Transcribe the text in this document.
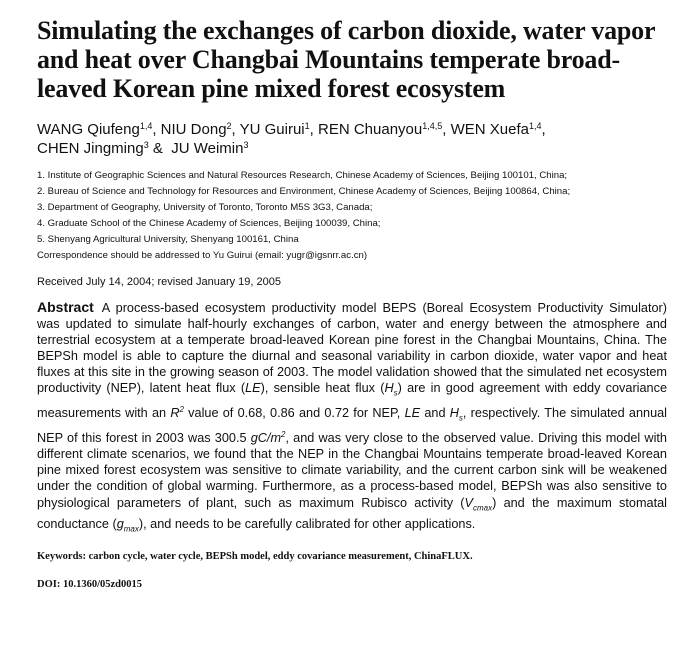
Simulating the exchanges of carbon dioxide, water vapor and heat over Changbai Mountains temperate broad-leaved Korean pine mixed forest ecosystem
WANG Qiufeng$^{1,4}$, NIU Dong$^2$, YU Guirui$^1$, REN Chuanyou$^{1,4,5}$, WEN Xuefa$^{1,4}$,
CHEN Jingming$^3$ &  JU Weimin$^3$
1. Institute of Geographic Sciences and Natural Resources Research, Chinese Academy of Sciences, Beijing 100101, China;
2. Bureau of Science and Technology for Resources and Environment, Chinese Academy of Sciences, Beijing 100864, China;
3. Department of Geography, University of Toronto, Toronto M5S 3G3, Canada;
4. Graduate School of the Chinese Academy of Sciences, Beijing 100039, China;
5. Shenyang Agricultural University, Shenyang 100161, China
Correspondence should be addressed to Yu Guirui (email: yugr@igsnrr.ac.cn)
Received July 14, 2004; revised January 19, 2005

Abstract A process-based ecosystem productivity model BEPS (Boreal Ecosystem Productivity Simulator) was updated to simulate half-hourly exchanges of carbon, water and energy between the atmosphere and terrestrial ecosystem at a temperate broad-leaved Korean pine forest in the Changbai Mountains, China. The BEPSh model is able to capture the diurnal and seasonal variability in carbon dioxide, water vapor and heat fluxes at this site in the growing season of 2003. The model validation showed that the simulated net ecosystem productivity (NEP), latent heat flux (LE), sensible heat flux $(H_s)$ are in good agreement with eddy covariance measurements with an $R^2$ value of 0.68, 0.86 and 0.72 for NEP, LE and $H_s$, respectively. The simulated annual NEP of this forest in 2003 was 300.5 $gC/m^2$, and was very close to the observed value. Driving this model with different climate scenarios, we found that the NEP in the Changbai Mountains temperate broad-leaved Korean pine mixed forest ecosystem was sensitive to climate variability, and the current carbon sink will be weakened under the condition of global warming. Furthermore, as a process-based model, BEPSh was also sensitive to physiological parameters of plant, such as maximum Rubisco activity $(V_{cmax})$ and the maximum stomatal conductance $(g_{max})$, and needs to be carefully calibrated for other applications.

Keywords: carbon cycle, water cycle, BEPSh model, eddy covariance measurement, ChinaFLUX.
DOI: 10.1360/05zd0015
